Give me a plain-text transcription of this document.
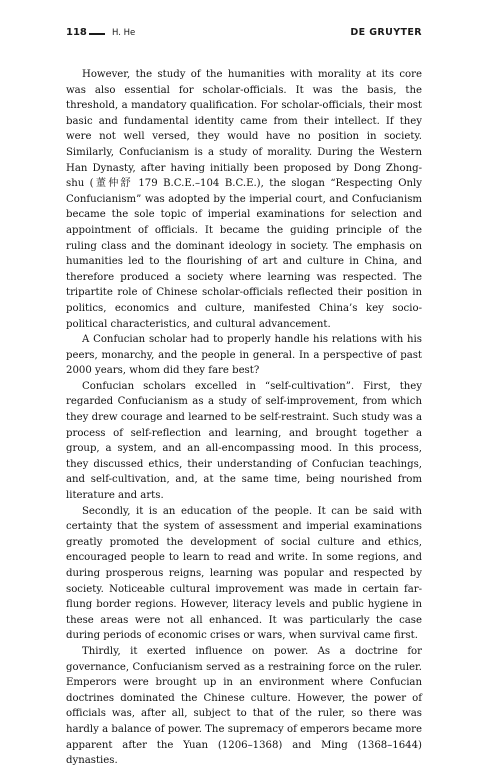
118	H. He	DE GRUYTER

However, the study of the humanities with morality at its core was also essential for scholar-officials. It was the basis, the threshold, a mandatory qualification. For scholar-officials, their most basic and fundamental identity came from their intellect. If they were not well versed, they would have no position in society. Similarly, Confucianism is a study of morality. During the Western Han Dynasty, after having initially been proposed by Dong Zhong-shu (董仲舒 179 B.C.E.–104 B.C.E.), the slogan “Respecting Only Confucianism” was adopted by the imperial court, and Confucianism became the sole topic of imperial examinations for selection and appointment of officials. It became the guiding principle of the ruling class and the dominant ideology in society. The emphasis on humanities led to the flourishing of art and culture in China, and therefore produced a society where learning was respected. The tripartite role of Chinese scholar-officials reflected their position in politics, economics and culture, manifested China’s key socio-political characteristics, and cultural advancement.

A Confucian scholar had to properly handle his relations with his peers, monarchy, and the people in general. In a perspective of past 2000 years, whom did they fare best?

Confucian scholars excelled in “self-cultivation”. First, they regarded Confucianism as a study of self-improvement, from which they drew courage and learned to be self-restraint. Such study was a process of self-reflection and learning, and brought together a group, a system, and an all-encompassing mood. In this process, they discussed ethics, their understanding of Confucian teachings, and self-cultivation, and, at the same time, being nourished from literature and arts.

Secondly, it is an education of the people. It can be said with certainty that the system of assessment and imperial examinations greatly promoted the development of social culture and ethics, encouraged people to learn to read and write. In some regions, and during prosperous reigns, learning was popular and respected by society. Noticeable cultural improvement was made in certain far-flung border regions. However, literacy levels and public hygiene in these areas were not all enhanced. It was particularly the case during periods of economic crises or wars, when survival came first.

Thirdly, it exerted influence on power. As a doctrine for governance, Confucianism served as a restraining force on the ruler. Emperors were brought up in an environment where Confucian doctrines dominated the Chinese culture. However, the power of officials was, after all, subject to that of the ruler, so there was hardly a balance of power. The supremacy of emperors became more apparent after the Yuan (1206–1368) and Ming (1368–1644) dynasties.
